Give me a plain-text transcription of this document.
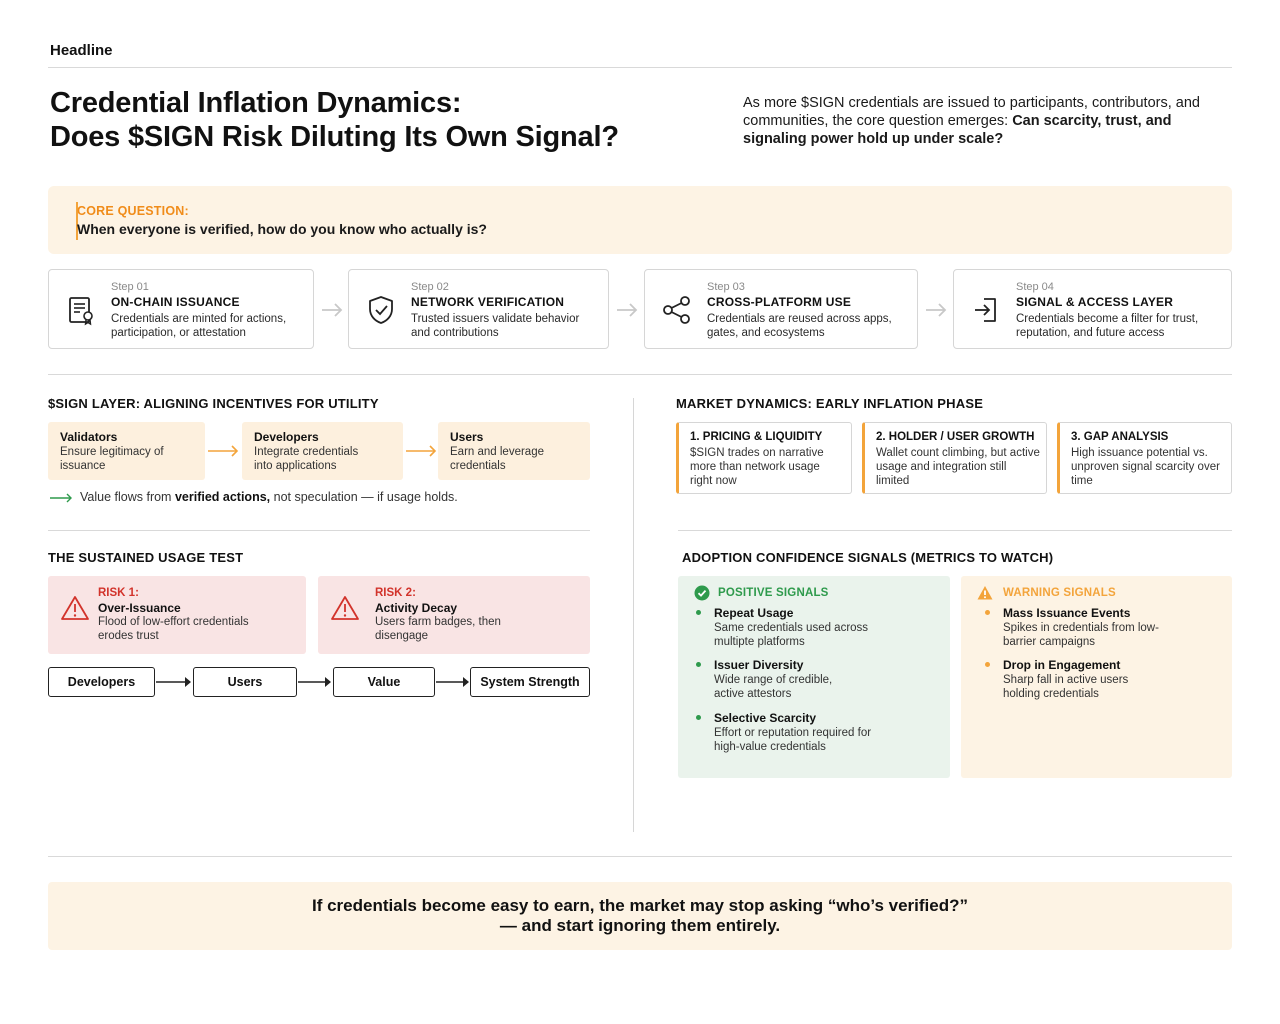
Headline
Credential Inflation Dynamics:
Does $SIGN Risk Diluting Its Own Signal?
As more $SIGN credentials are issued to participants, contributors, and communities, the core question emerges: Can scarcity, trust, and signaling power hold up under scale?
CORE QUESTION:
When everyone is verified, how do you know who actually is?
Step 01
ON-CHAIN ISSUANCE
Credentials are minted for actions, participation, or attestation
Step 02
NETWORK VERIFICATION
Trusted issuers validate behavior and contributions
Step 03
CROSS-PLATFORM USE
Credentials are reused across apps, gates, and ecosystems
Step 04
SIGNAL & ACCESS LAYER
Credentials become a filter for trust, reputation, and future access
$SIGN LAYER: ALIGNING INCENTIVES FOR UTILITY
Validators
Ensure legitimacy of issuance
Developers
Integrate credentials into applications
Users
Earn and leverage credentials
Value flows from verified actions, not speculation — if usage holds.
THE SUSTAINED USAGE TEST
RISK 1:
Over-Issuance
Flood of low-effort credentials erodes trust
RISK 2:
Activity Decay
Users farm badges, then disengage
Developers	Users	Value	System Strength
MARKET DYNAMICS: EARLY INFLATION PHASE
1. PRICING & LIQUIDITY
$SIGN trades on narrative more than network usage right now
2. HOLDER / USER GROWTH
Wallet count climbing, but active usage and integration still limited
3. GAP ANALYSIS
High issuance potential vs. unproven signal scarcity over time
ADOPTION CONFIDENCE SIGNALS (METRICS TO WATCH)
POSITIVE SIGNALS
Repeat Usage
Same credentials used across multipte platforms
Issuer Diversity
Wide range of credible, active attestors
Selective Scarcity
Effort or reputation required for high-value credentials
WARNING SIGNALS
Mass Issuance Events
Spikes in credentials from low-barrier campaigns
Drop in Engagement
Sharp fall in active users holding credentials
If credentials become easy to earn, the market may stop asking “who’s verified?”
— and start ignoring them entirely.
